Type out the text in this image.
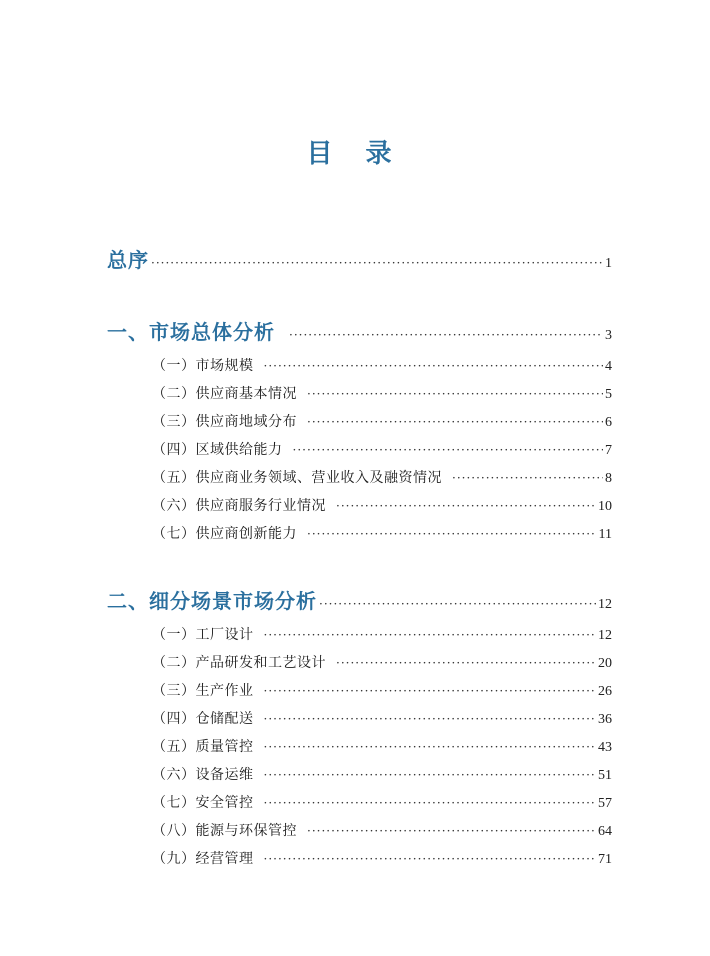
目 录
总序 ·····	1
一、市场总体分析 ·····	3
（一）市场规模 ·····	4
（二）供应商基本情况 ·····	5
（三）供应商地域分布 ·····	6
（四）区域供给能力 ·····	7
（五）供应商业务领域、营业收入及融资情况 ·····	8
（六）供应商服务行业情况 ·····	10
（七）供应商创新能力 ·····	11
二、细分场景市场分析 ·····	12
（一）工厂设计 ·····	12
（二）产品研发和工艺设计 ·····	20
（三）生产作业 ·····	26
（四）仓储配送 ·····	36
（五）质量管控 ·····	43
（六）设备运维 ·····	51
（七）安全管控 ·····	57
（八）能源与环保管控 ·····	64
（九）经营管理 ·····	71
